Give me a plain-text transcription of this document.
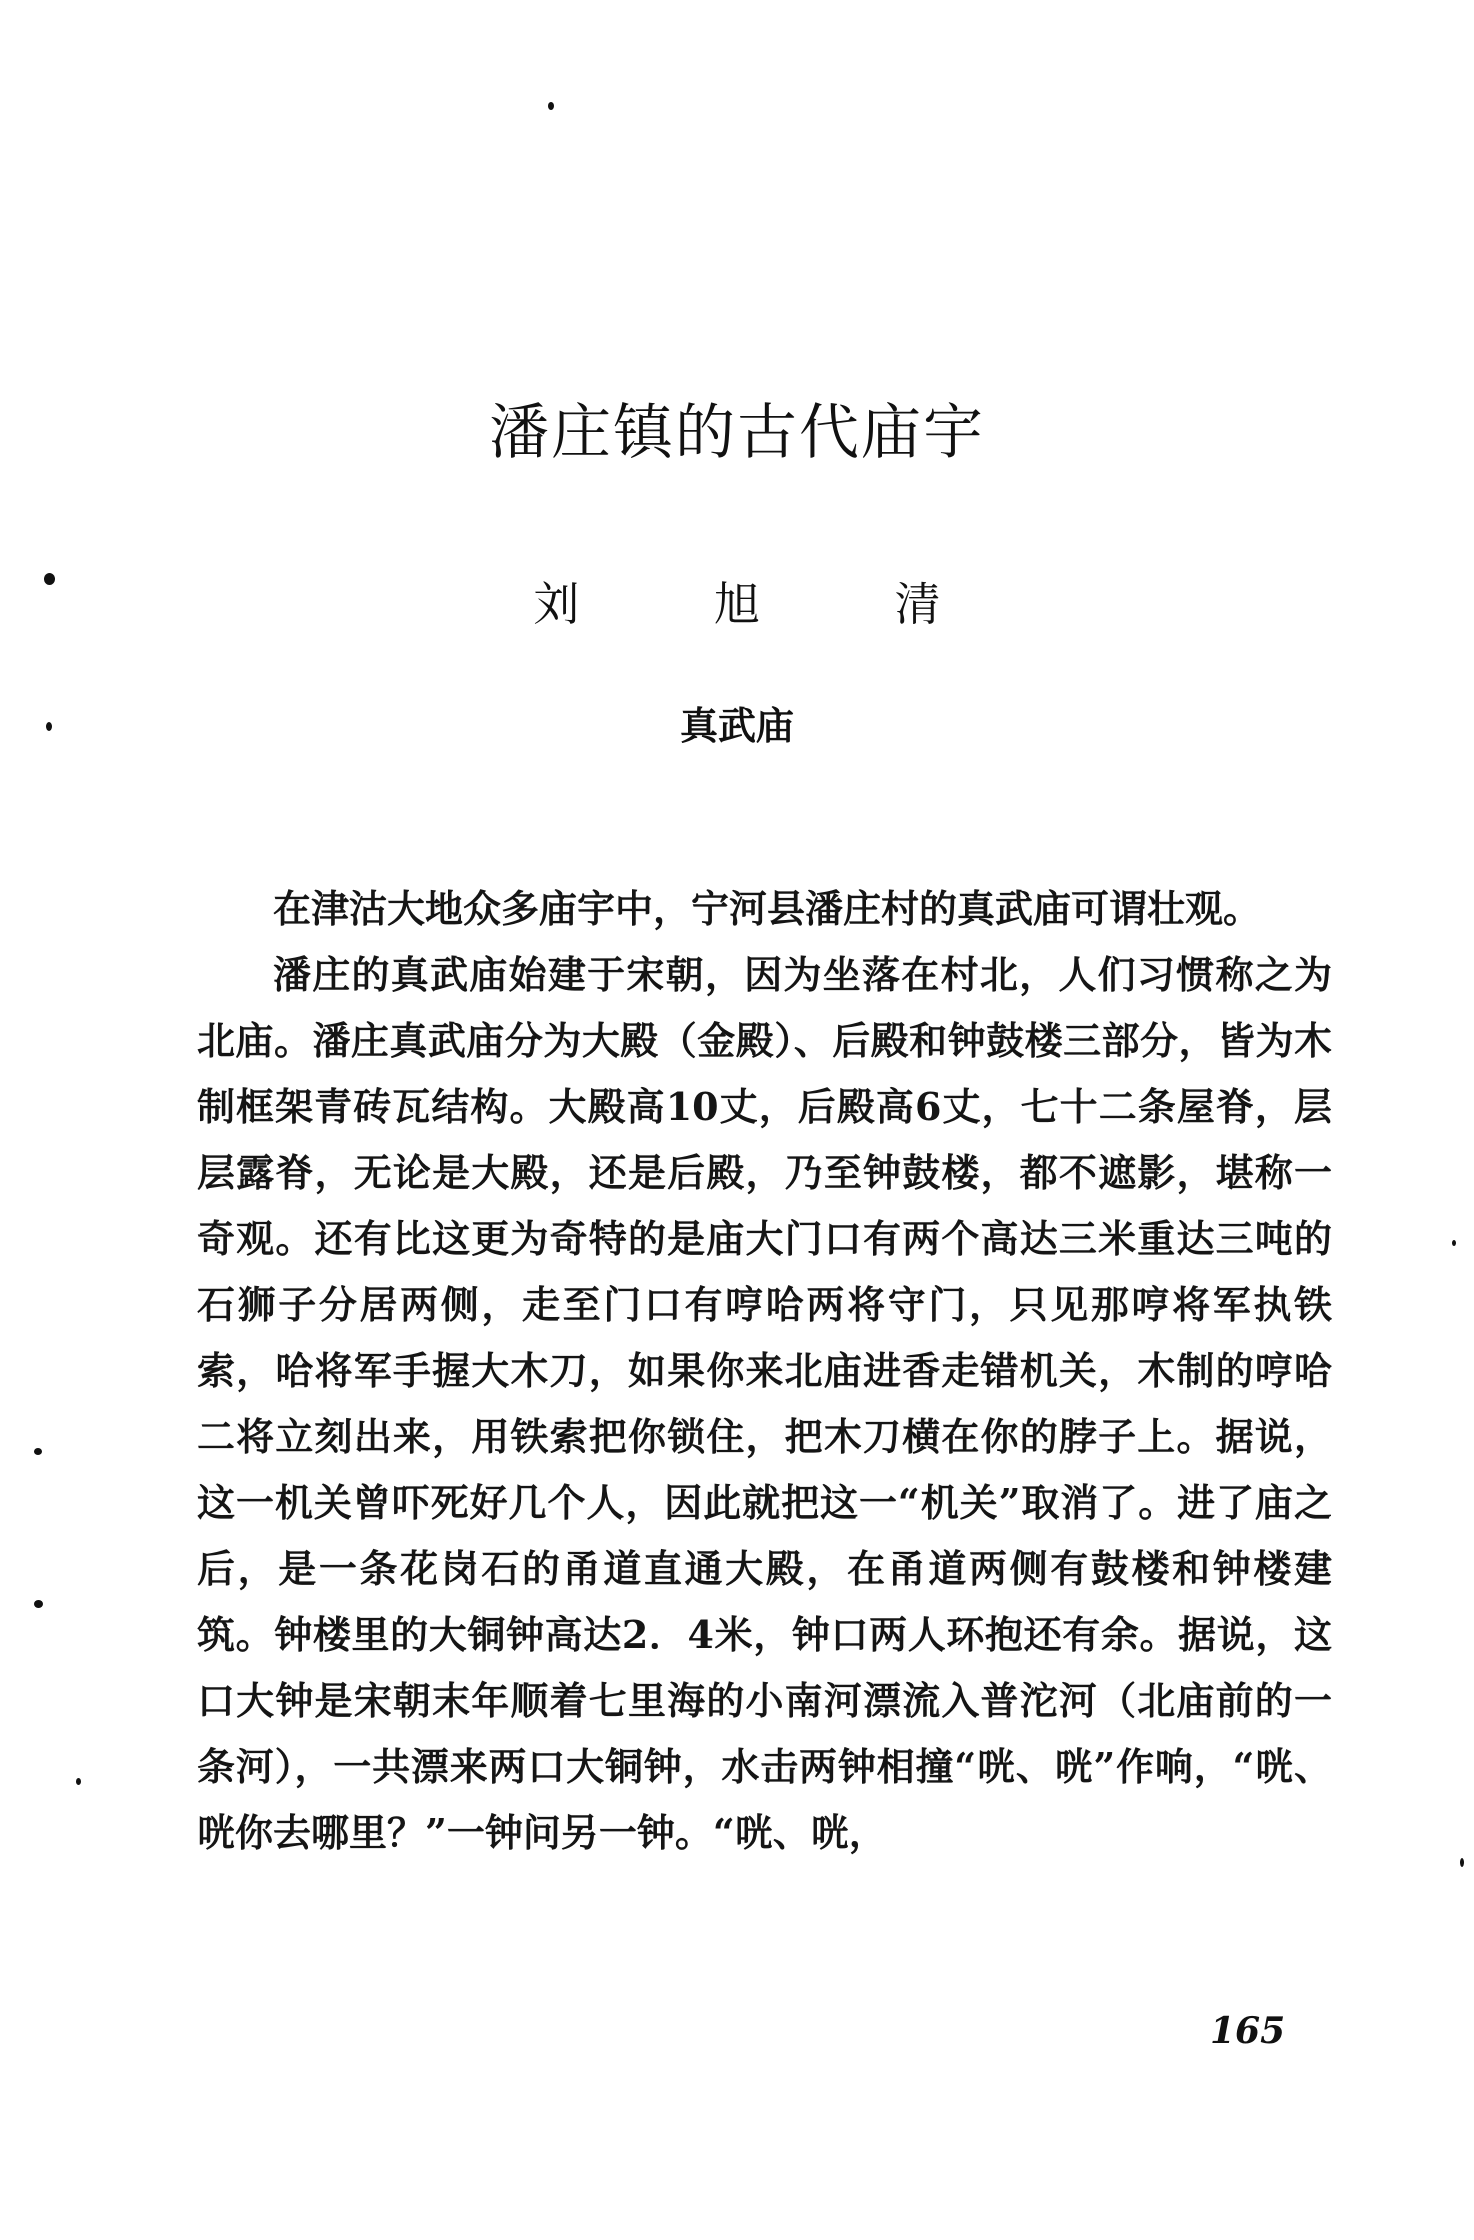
潘庄镇的古代庙宇
刘 旭 清
真武庙

在津沽大地众多庙宇中，宁河县潘庄村的真武庙可谓壮观。

潘庄的真武庙始建于宋朝，因为坐落在村北，人们习惯称之为北庙。潘庄真武庙分为大殿（金殿）、后殿和钟鼓楼三部分，皆为木制框架青砖瓦结构。大殿高10丈，后殿高6丈，七十二条屋脊，层层露脊，无论是大殿，还是后殿，乃至钟鼓楼，都不遮影，堪称一奇观。还有比这更为奇特的是庙大门口有两个高达三米重达三吨的石狮子分居两侧，走至门口有哼哈两将守门，只见那哼将军执铁索，哈将军手握大木刀，如果你来北庙进香走错机关，木制的哼哈二将立刻出来，用铁索把你锁住，把木刀横在你的脖子上。据说，这一机关曾吓死好几个人，因此就把这一“机关”取消了。进了庙之后，是一条花岗石的甬道直通大殿，在甬道两侧有鼓楼和钟楼建筑。钟楼里的大铜钟高达2．4米，钟口两人环抱还有余。据说，这口大钟是宋朝末年顺着七里海的小南河漂流入普沱河（北庙前的一条河），一共漂来两口大铜钟，水击两钟相撞“咣、咣”作响，“咣、咣你去哪里？”一钟问另一钟。“咣、咣，

165
